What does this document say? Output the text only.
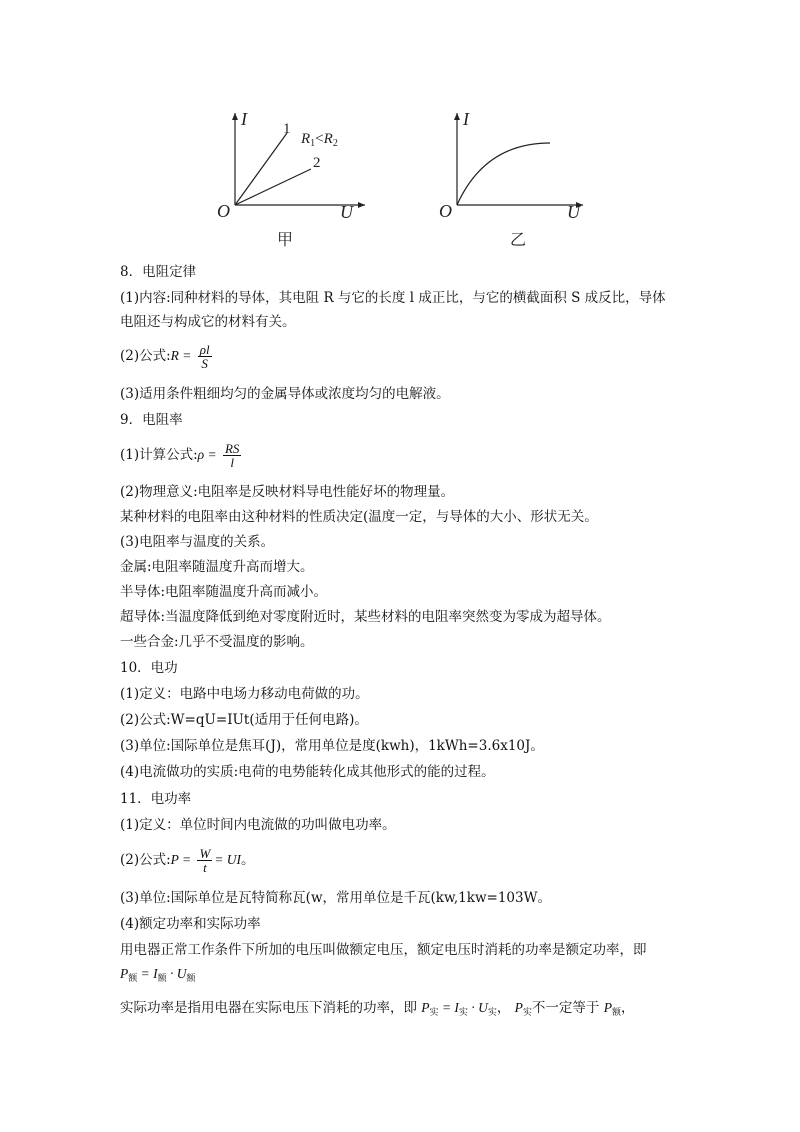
I
U
O
1
2
$R_1<R_2$
甲
I
U
O
乙
8．电阻定律
(1)内容:同种材料的导体，其电阻 R 与它的长度 l 成正比，与它的横截面积 S 成反比，导体
电阻还与构成它的材料有关。
(2)公式:R = $\frac{\rho l}{S}$
(3)适用条件粗细均匀的金属导体或浓度均匀的电解液。
9．电阻率
(1)计算公式:ρ = $\frac{RS}{l}$
(2)物理意义:电阻率是反映材料导电性能好坏的物理量。
某种材料的电阻率由这种材料的性质决定(温度一定，与导体的大小、形状无关。
(3)电阻率与温度的关系。
金属:电阻率随温度升高而增大。
半导体:电阻率随温度升高而减小。
超导体:当温度降低到绝对零度附近时，某些材料的电阻率突然变为零成为超导体。
一些合金:几乎不受温度的影响。
10．电功
(1)定义：电路中电场力移动电荷做的功。
(2)公式:W=qU=IUt(适用于任何电路)。
(3)单位:国际单位是焦耳(J)，常用单位是度(kwh)，1kWh=3.6x10J。
(4)电流做功的实质:电荷的电势能转化成其他形式的能的过程。
11．电功率
(1)定义：单位时间内电流做的功叫做电功率。
(2)公式:P = $\frac{W}{t}$ = UI。
(3)单位:国际单位是瓦特简称瓦(w，常用单位是千瓦(kw,1kw=103W。
(4)额定功率和实际功率
用电器正常工作条件下所加的电压叫做额定电压，额定电压时消耗的功率是额定功率，即
$P_额 = I_额 \cdot U_额$
实际功率是指用电器在实际电压下消耗的功率，即 $P_实 = I_实 \cdot U_实$， $P_实$不一定等于 $P_额$，
